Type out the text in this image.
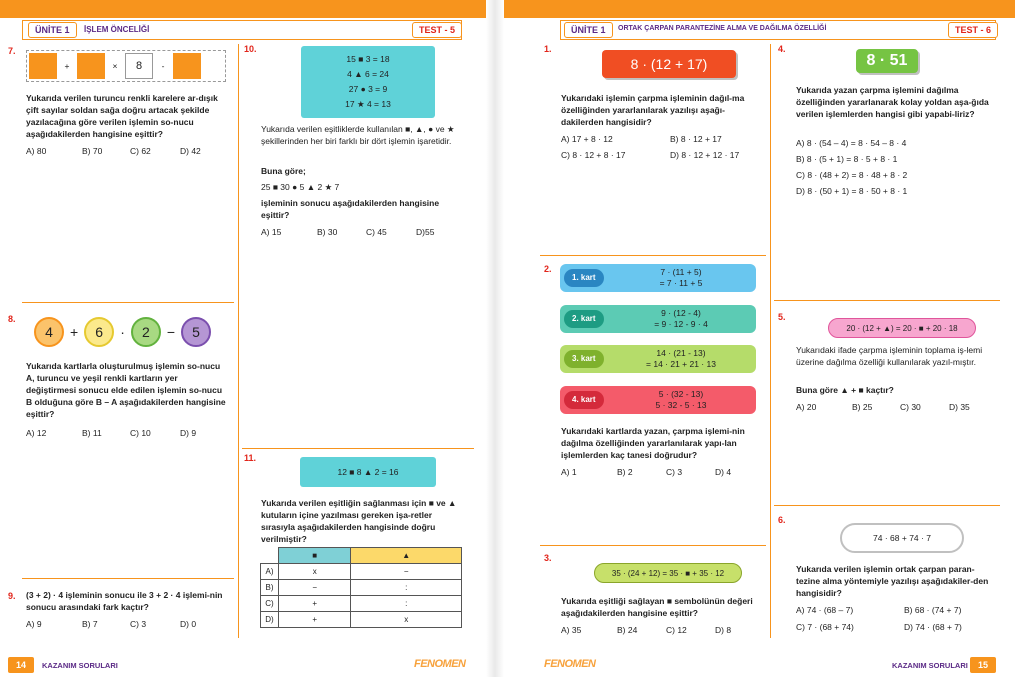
ÜNİTE 1	İŞLEM ÖNCELİĞİ	TEST - 5
7.
+	×	8	-
Yukarıda verilen turuncu renkli karelere ar-dışık çift sayılar soldan sağa doğru artacak şekilde yazılacağına göre verilen işlemin so-nucu aşağıdakilerden hangisine eşittir?
A) 80	B) 70	C) 62	D) 42
8.
4	+	6	·	2	−	5
Yukarıda kartlarla oluşturulmuş işlemin so-nucu A, turuncu ve yeşil renkli kartların yer değiştirmesi sonucu elde edilen işlemin so-nucu B olduğuna göre B – A aşağıdakilerden hangisine eşittir?
A) 12	B) 11	C) 10	D) 9
9. (3 + 2) · 4 işleminin sonucu ile 3 + 2 · 4 işlemi-nin sonucu arasındaki fark kaçtır?
A) 9	B) 7	C) 3	D) 0
10.
15 ■ 3 = 18
4 ▲ 6 = 24
27 ● 3 = 9
17 ★ 4 = 13
Yukarıda verilen eşitliklerde kullanılan ■, ▲, ● ve ★ şekillerinden her biri farklı bir dört işlemin işaretidir.
Buna göre;
25 ■ 30 ● 5 ▲ 2 ★ 7
işleminin sonucu aşağıdakilerden hangisine eşittir?
A) 15	B) 30	C) 45	D)55
11.
12 ■ 8 ▲ 2 = 16
Yukarıda verilen eşitliğin sağlanması için ■ ve ▲ kutuların içine yazılması gereken işa-retler sırasıyla aşağıdakilerden hangisinde doğru verilmiştir?
	■	▲
A)	x	−
B)	−	:
C)	+	:
D)	+	x
14	KAZANIM SORULARI	FENOMEN
ÜNİTE 1	ORTAK ÇARPAN PARANTEZİNE ALMA VE DAĞILMA ÖZELLİĞİ	TEST - 6
1.
8 · (12 + 17)
Yukarıdaki işlemin çarpma işleminin dağıl-ma özelliğinden yararlanılarak yazılışı aşağı-dakilerden hangisidir?
A) 17 + 8 · 12	B) 8 · 12 + 17
C) 8 · 12 + 8 · 17	D) 8 · 12 + 12 · 17
2.
1. kart
7 · (11 + 5)
= 7 · 11 + 5
2. kart
9 · (12 - 4)
= 9 · 12 - 9 · 4
3. kart
14 · (21 - 13)
= 14 · 21 + 21 · 13
4. kart
5 · (32 - 13)
5 · 32 - 5 · 13
Yukarıdaki kartlarda yazan, çarpma işlemi-nin dağılma özelliğinden yararlanılarak yapı-lan işlemlerden kaç tanesi doğrudur?
A) 1	B) 2	C) 3	D) 4
3.
35 · (24 + 12) = 35 · ■ + 35 · 12
Yukarıda eşitliği sağlayan ■ sembolünün değeri aşağıdakilerden hangisine eşittir?
A) 35	B) 24	C) 12	D) 8
4.
8 · 51
Yukarıda yazan çarpma işlemini dağılma özelliğinden yararlanarak kolay yoldan aşa-ğıda verilen işlemlerden hangisi gibi yapabi-liriz?
A) 8 · (54 – 4) = 8 · 54 – 8 · 4
B) 8 · (5 + 1) = 8 · 5 + 8 · 1
C) 8 · (48 + 2) = 8 · 48 + 8 · 2
D) 8 · (50 + 1) = 8 · 50 + 8 · 1
5.
20 · (12 + ▲) = 20 · ■ + 20 · 18
Yukarıdaki ifade çarpma işleminin toplama iş-lemi üzerine dağılma özelliği kullanılarak yazıl-mıştır.
Buna göre ▲ + ■ kaçtır?
A) 20	B) 25	C) 30	D) 35
6.
74 · 68 + 74 · 7
Yukarıda verilen işlemin ortak çarpan paran-tezine alma yöntemiyle yazılışı aşağıdakiler-den hangisidir?
A) 74 · (68 – 7)	B) 68 · (74 + 7)
C) 7 · (68 + 74)	D) 74 · (68 + 7)
FENOMEN	KAZANIM SORULARI	15
